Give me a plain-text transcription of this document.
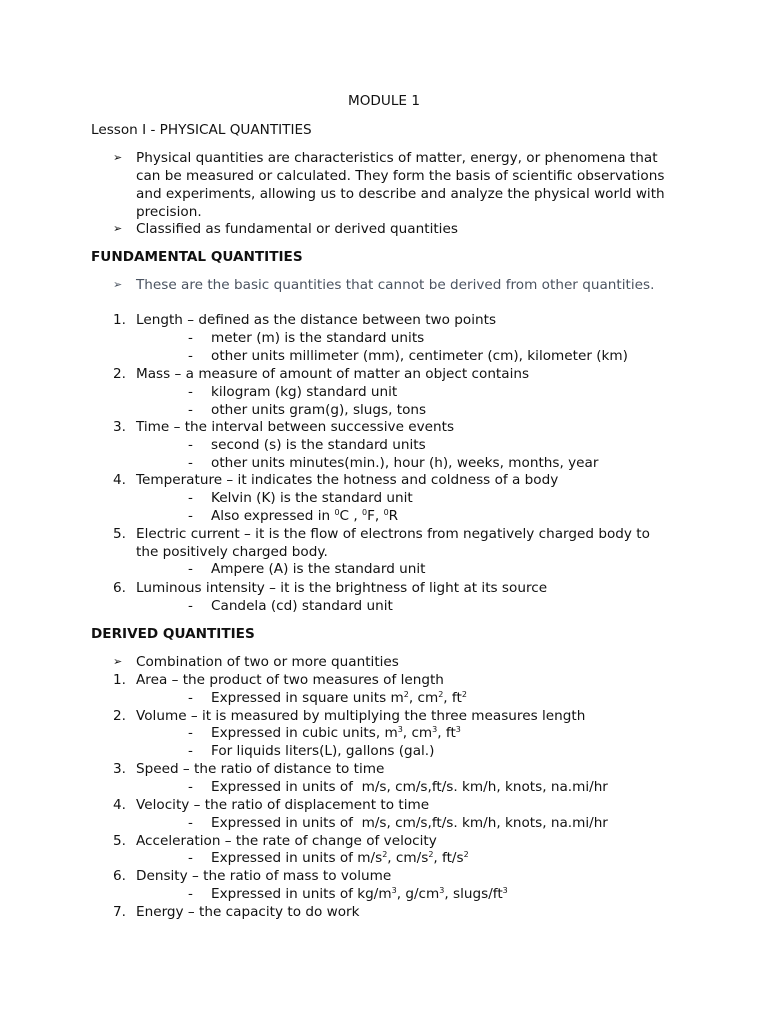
MODULE 1
Lesson I - PHYSICAL QUANTITIES
➢ Physical quantities are characteristics of matter, energy, or phenomena that
can be measured or calculated. They form the basis of scientific observations
and experiments, allowing us to describe and analyze the physical world with
precision.
➢ Classified as fundamental or derived quantities
FUNDAMENTAL QUANTITIES
➢ These are the basic quantities that cannot be derived from other quantities.
1. Length – defined as the distance between two points
- meter (m) is the standard units
- other units millimeter (mm), centimeter (cm), kilometer (km)
2. Mass – a measure of amount of matter an object contains
- kilogram (kg) standard unit
- other units gram(g), slugs, tons
3. Time – the interval between successive events
- second (s) is the standard units
- other units minutes(min.), hour (h), weeks, months, year
4. Temperature – it indicates the hotness and coldness of a body
- Kelvin (K) is the standard unit
- Also expressed in $^0$C , $^0$F, $^0$R
5. Electric current – it is the flow of electrons from negatively charged body to
the positively charged body.
- Ampere (A) is the standard unit
6. Luminous intensity – it is the brightness of light at its source
- Candela (cd) standard unit
DERIVED QUANTITIES
➢ Combination of two or more quantities
1. Area – the product of two measures of length
- Expressed in square units $m^2$, $cm^2$, $ft^2$
2. Volume – it is measured by multiplying the three measures length
- Expressed in cubic units, $m^3$, $cm^3$, $ft^3$
- For liquids liters(L), gallons (gal.)
3. Speed – the ratio of distance to time
- Expressed in units of  m/s, cm/s,ft/s. km/h, knots, na.mi/hr
4. Velocity – the ratio of displacement to time
- Expressed in units of  m/s, cm/s,ft/s. km/h, knots, na.mi/hr
5. Acceleration – the rate of change of velocity
- Expressed in units of $m/s^2$, $cm/s^2$, $ft/s^2$
6. Density – the ratio of mass to volume
- Expressed in units of $kg/m^3$, $g/cm^3$, slugs/$ft^3$
7. Energy – the capacity to do work
